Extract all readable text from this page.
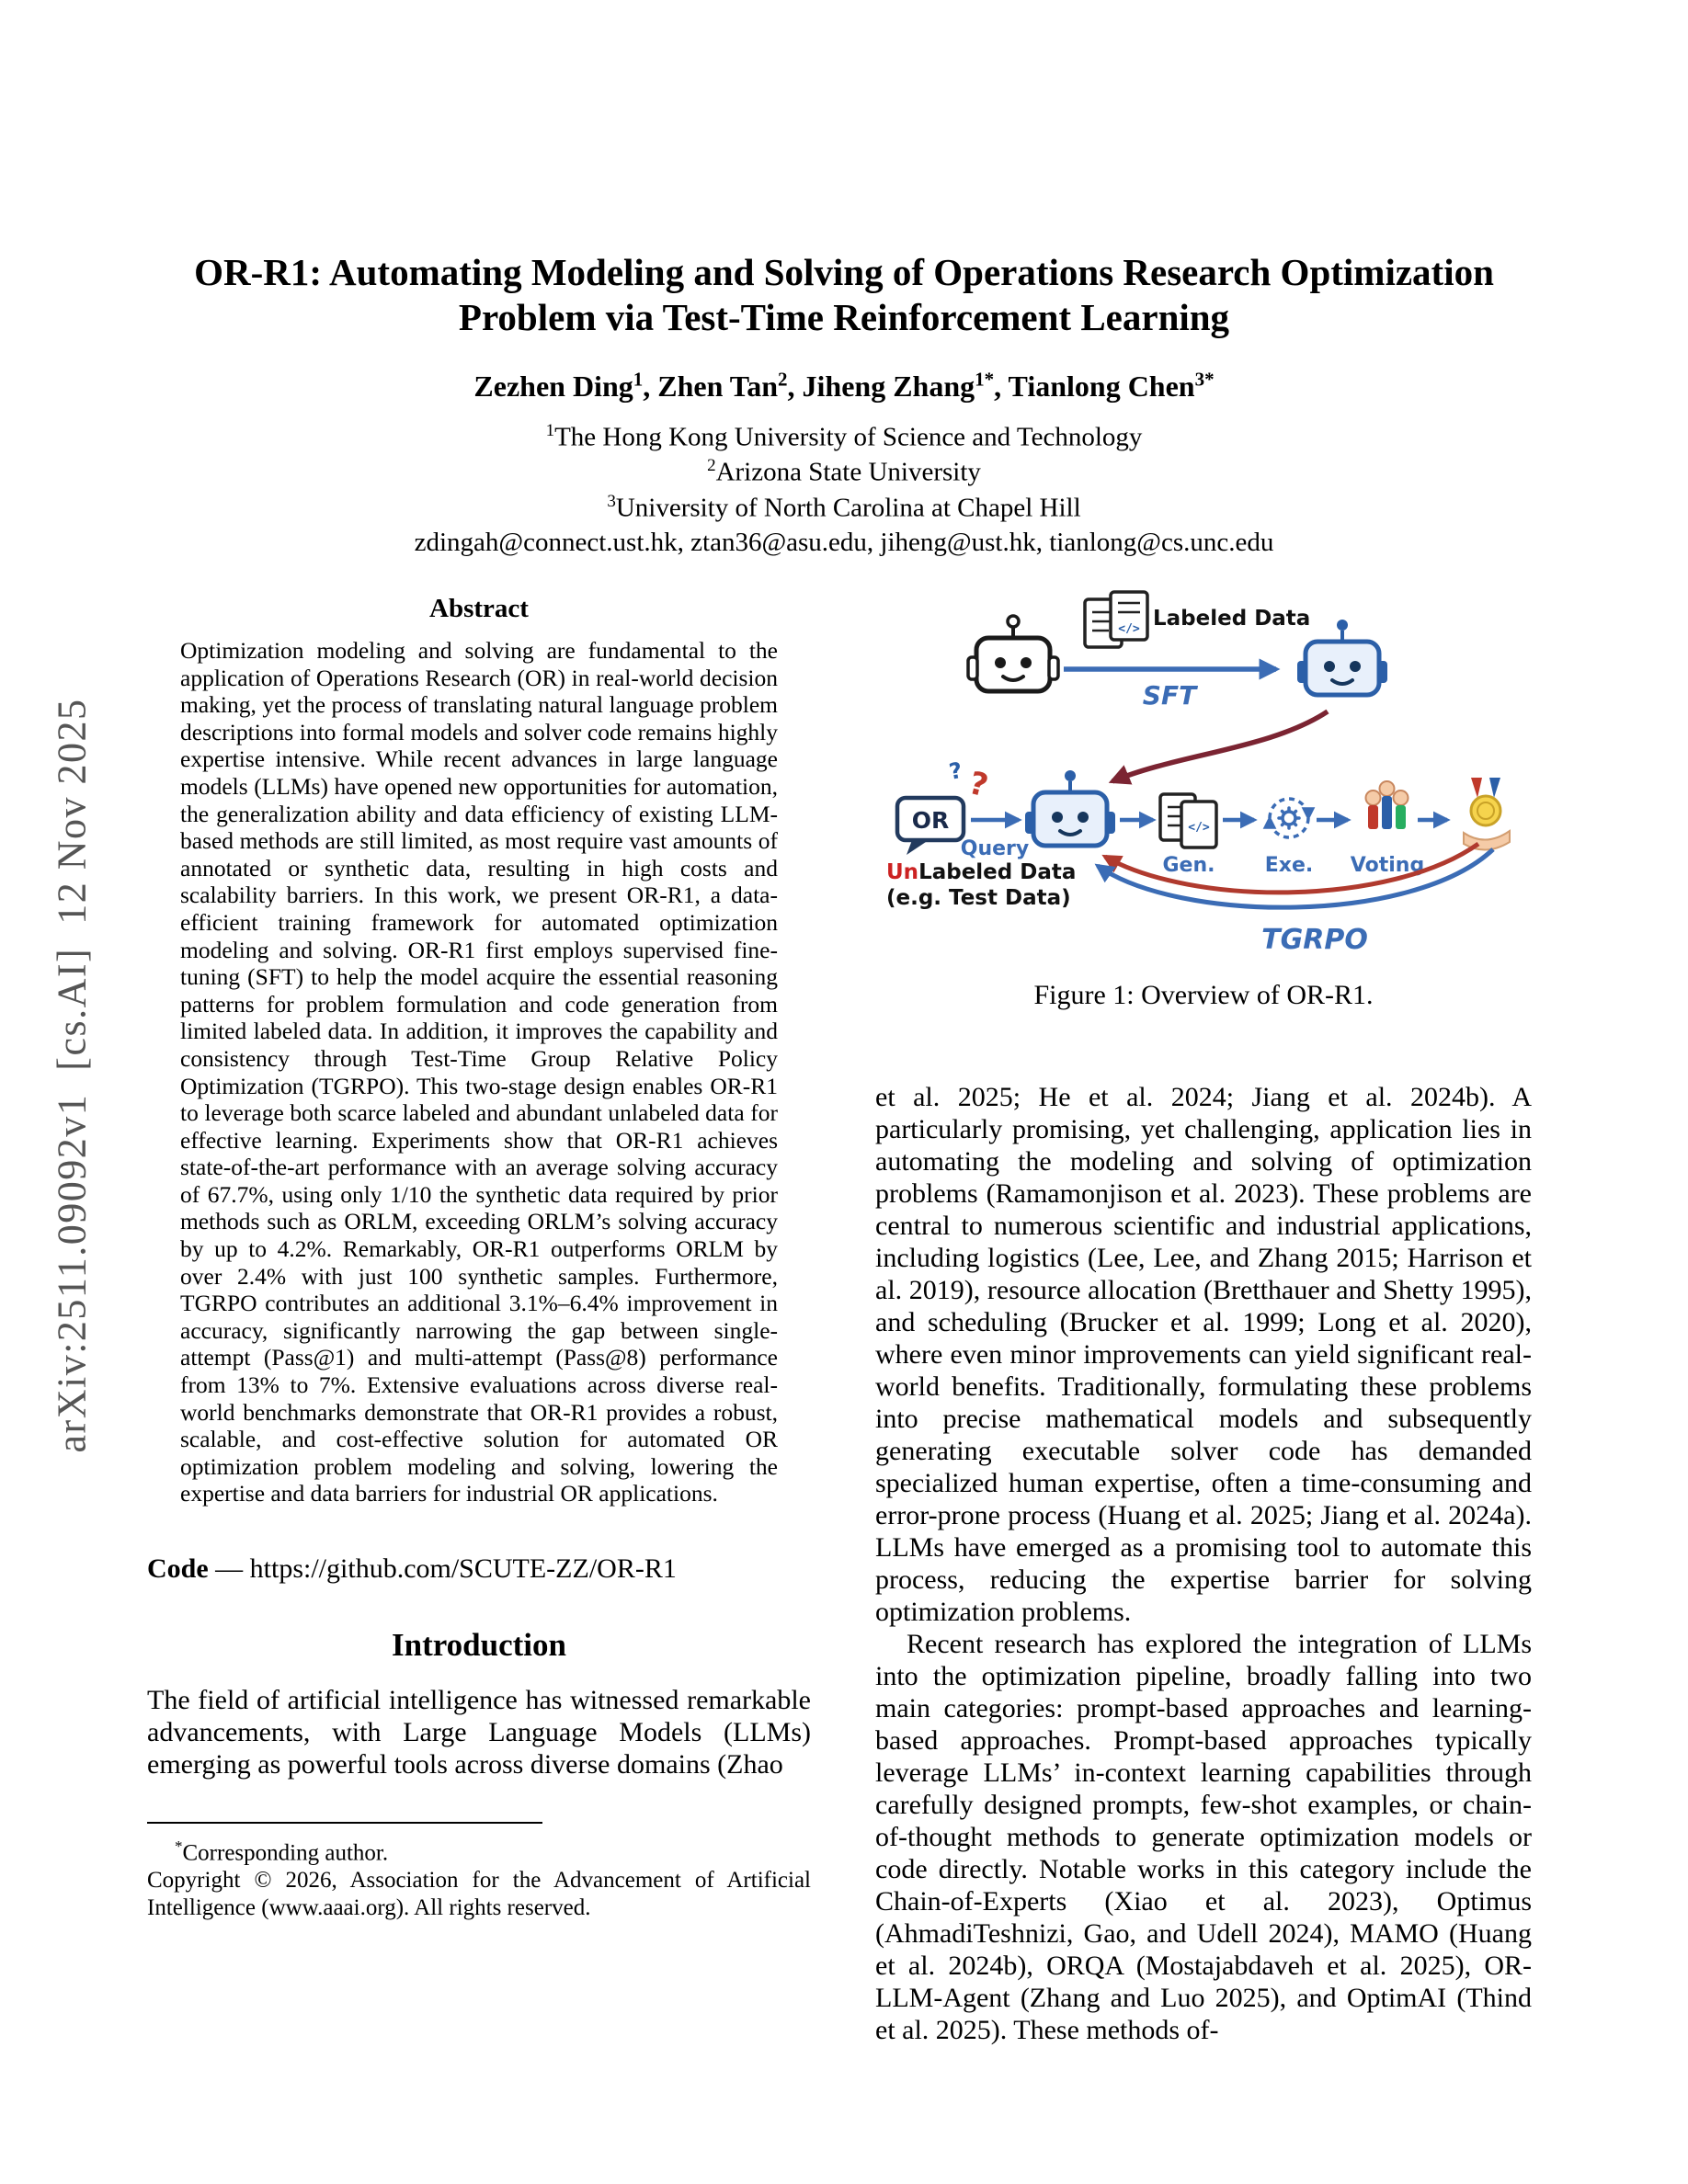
arXiv:2511.09092v1  [cs.AI]  12 Nov 2025
OR-R1: Automating Modeling and Solving of Operations Research Optimization
Problem via Test-Time Reinforcement Learning
Zezhen Ding$^1$, Zhen Tan$^2$, Jiheng Zhang$^{1*}$, Tianlong Chen$^{3*}$
$^1$The Hong Kong University of Science and Technology
$^2$Arizona State University
$^3$University of North Carolina at Chapel Hill
zdingah@connect.ust.hk, ztan36@asu.edu, jiheng@ust.hk, tianlong@cs.unc.edu
Abstract

Optimization modeling and solving are fundamental to the application of Operations Research (OR) in real-world decision making, yet the process of translating natural language problem descriptions into formal models and solver code remains highly expertise intensive. While recent advances in large language models (LLMs) have opened new opportunities for automation, the generalization ability and data efficiency of existing LLM-based methods are still limited, as most require vast amounts of annotated or synthetic data, resulting in high costs and scalability barriers. In this work, we present OR-R1, a data-efficient training framework for automated optimization modeling and solving. OR-R1 first employs supervised fine-tuning (SFT) to help the model acquire the essential reasoning patterns for problem formulation and code generation from limited labeled data. In addition, it improves the capability and consistency through Test-Time Group Relative Policy Optimization (TGRPO). This two-stage design enables OR-R1 to leverage both scarce labeled and abundant unlabeled data for effective learning. Experiments show that OR-R1 achieves state-of-the-art performance with an average solving accuracy of 67.7%, using only 1/10 the synthetic data required by prior methods such as ORLM, exceeding ORLM’s solving accuracy by up to 4.2%. Remarkably, OR-R1 outperforms ORLM by over 2.4% with just 100 synthetic samples. Furthermore, TGRPO contributes an additional 3.1%–6.4% improvement in accuracy, significantly narrowing the gap between single-attempt (Pass@1) and multi-attempt (Pass@8) performance from 13% to 7%. Extensive evaluations across diverse real-world benchmarks demonstrate that OR-R1 provides a robust, scalable, and cost-effective solution for automated OR optimization problem modeling and solving, lowering the expertise and data barriers for industrial OR applications.

Code — https://github.com/SCUTE-ZZ/OR-R1

Introduction

The field of artificial intelligence has witnessed remarkable advancements, with Large Language Models (LLMs) emerging as powerful tools across diverse domains (Zhao

</> Labeled Data
SFT
OR
?
?
Query
</>
Gen. Exe. Voting
TGRPO
UnLabeled Data
(e.g. Test Data)
Figure 1: Overview of OR-R1.

et al. 2025; He et al. 2024; Jiang et al. 2024b). A particularly promising, yet challenging, application lies in automating the modeling and solving of optimization problems (Ramamonjison et al. 2023). These problems are central to numerous scientific and industrial applications, including logistics (Lee, Lee, and Zhang 2015; Harrison et al. 2019), resource allocation (Bretthauer and Shetty 1995), and scheduling (Brucker et al. 1999; Long et al. 2020), where even minor improvements can yield significant real-world benefits. Traditionally, formulating these problems into precise mathematical models and subsequently generating executable solver code has demanded specialized human expertise, often a time-consuming and error-prone process (Huang et al. 2025; Jiang et al. 2024a). LLMs have emerged as a promising tool to automate this process, reducing the expertise barrier for solving optimization problems.

Recent research has explored the integration of LLMs into the optimization pipeline, broadly falling into two main categories: prompt-based approaches and learning-based approaches. Prompt-based approaches typically leverage LLMs’ in-context learning capabilities through carefully designed prompts, few-shot examples, or chain-of-thought methods to generate optimization models or code directly. Notable works in this category include the Chain-of-Experts (Xiao et al. 2023), Optimus (AhmadiTeshnizi, Gao, and Udell 2024), MAMO (Huang et al. 2024b), ORQA (Mostajabdaveh et al. 2025), OR-LLM-Agent (Zhang and Luo 2025), and OptimAI (Thind et al. 2025). These methods of-

*Corresponding author.

Copyright © 2026, Association for the Advancement of Artificial Intelligence (www.aaai.org). All rights reserved.
